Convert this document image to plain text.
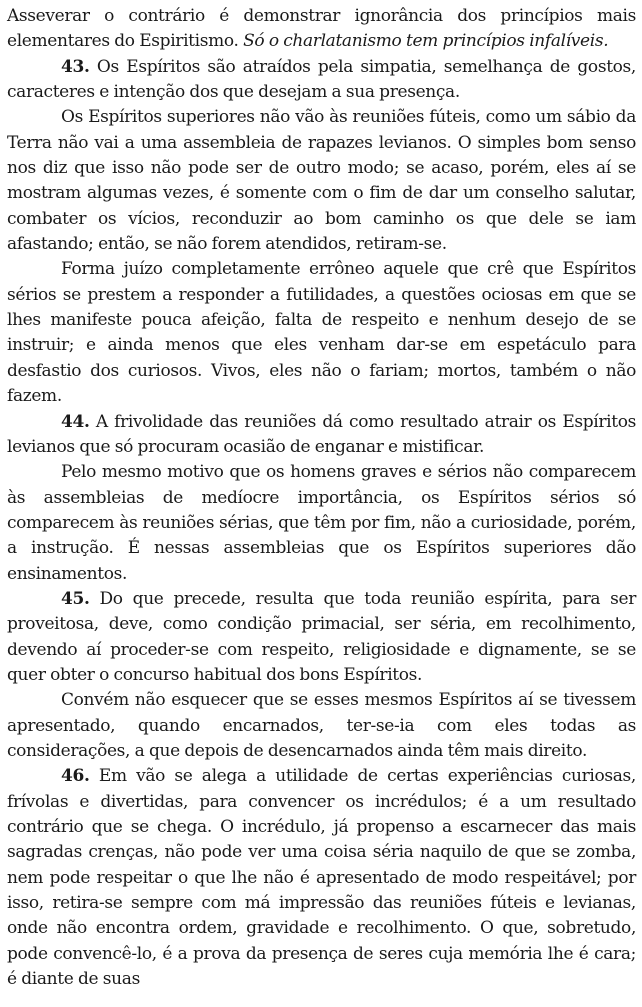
Asseverar o contrário é demonstrar ignorância dos princípios mais elementares do Espiritismo. Só o charlatanismo tem princípios infalíveis.

43. Os Espíritos são atraídos pela simpatia, semelhança de gostos, caracteres e intenção dos que desejam a sua presença.

Os Espíritos superiores não vão às reuniões fúteis, como um sábio da Terra não vai a uma assembleia de rapazes levianos. O simples bom senso nos diz que isso não pode ser de outro modo; se acaso, porém, eles aí se mostram algumas vezes, é somente com o fim de dar um conselho salutar, combater os vícios, reconduzir ao bom caminho os que dele se iam afastando; então, se não forem atendidos, retiram-se.

Forma juízo completamente errôneo aquele que crê que Espíritos sérios se prestem a responder a futilidades, a questões ociosas em que se lhes manifeste pouca afeição, falta de respeito e nenhum desejo de se instruir; e ainda menos que eles venham dar-se em espetáculo para desfastio dos curiosos. Vivos, eles não o fariam; mortos, também o não fazem.

44. A frivolidade das reuniões dá como resultado atrair os Espíritos levianos que só procuram ocasião de enganar e mistificar.

Pelo mesmo motivo que os homens graves e sérios não comparecem às assembleias de medíocre importância, os Espíritos sérios só comparecem às reuniões sérias, que têm por fim, não a curiosidade, porém, a instrução. É nessas assembleias que os Espíritos superiores dão ensinamentos.

45. Do que precede, resulta que toda reunião espírita, para ser proveitosa, deve, como condição primacial, ser séria, em recolhimento, devendo aí proceder-se com respeito, religiosidade e dignamente, se se quer obter o concurso habitual dos bons Espíritos.

Convém não esquecer que se esses mesmos Espíritos aí se tivessem apresentado, quando encarnados, ter-se-ia com eles todas as considerações, a que depois de desencarnados ainda têm mais direito.

46. Em vão se alega a utilidade de certas experiências curiosas, frívolas e divertidas, para convencer os incrédulos; é a um resultado contrário que se chega. O incrédulo, já propenso a escarnecer das mais sagradas crenças, não pode ver uma coisa séria naquilo de que se zomba, nem pode respeitar o que lhe não é apresentado de modo respeitável; por isso, retira-se sempre com má impressão das reuniões fúteis e levianas, onde não encontra ordem, gravidade e recolhimento. O que, sobretudo, pode convencê-lo, é a prova da presença de seres cuja memória lhe é cara; é diante de suas
